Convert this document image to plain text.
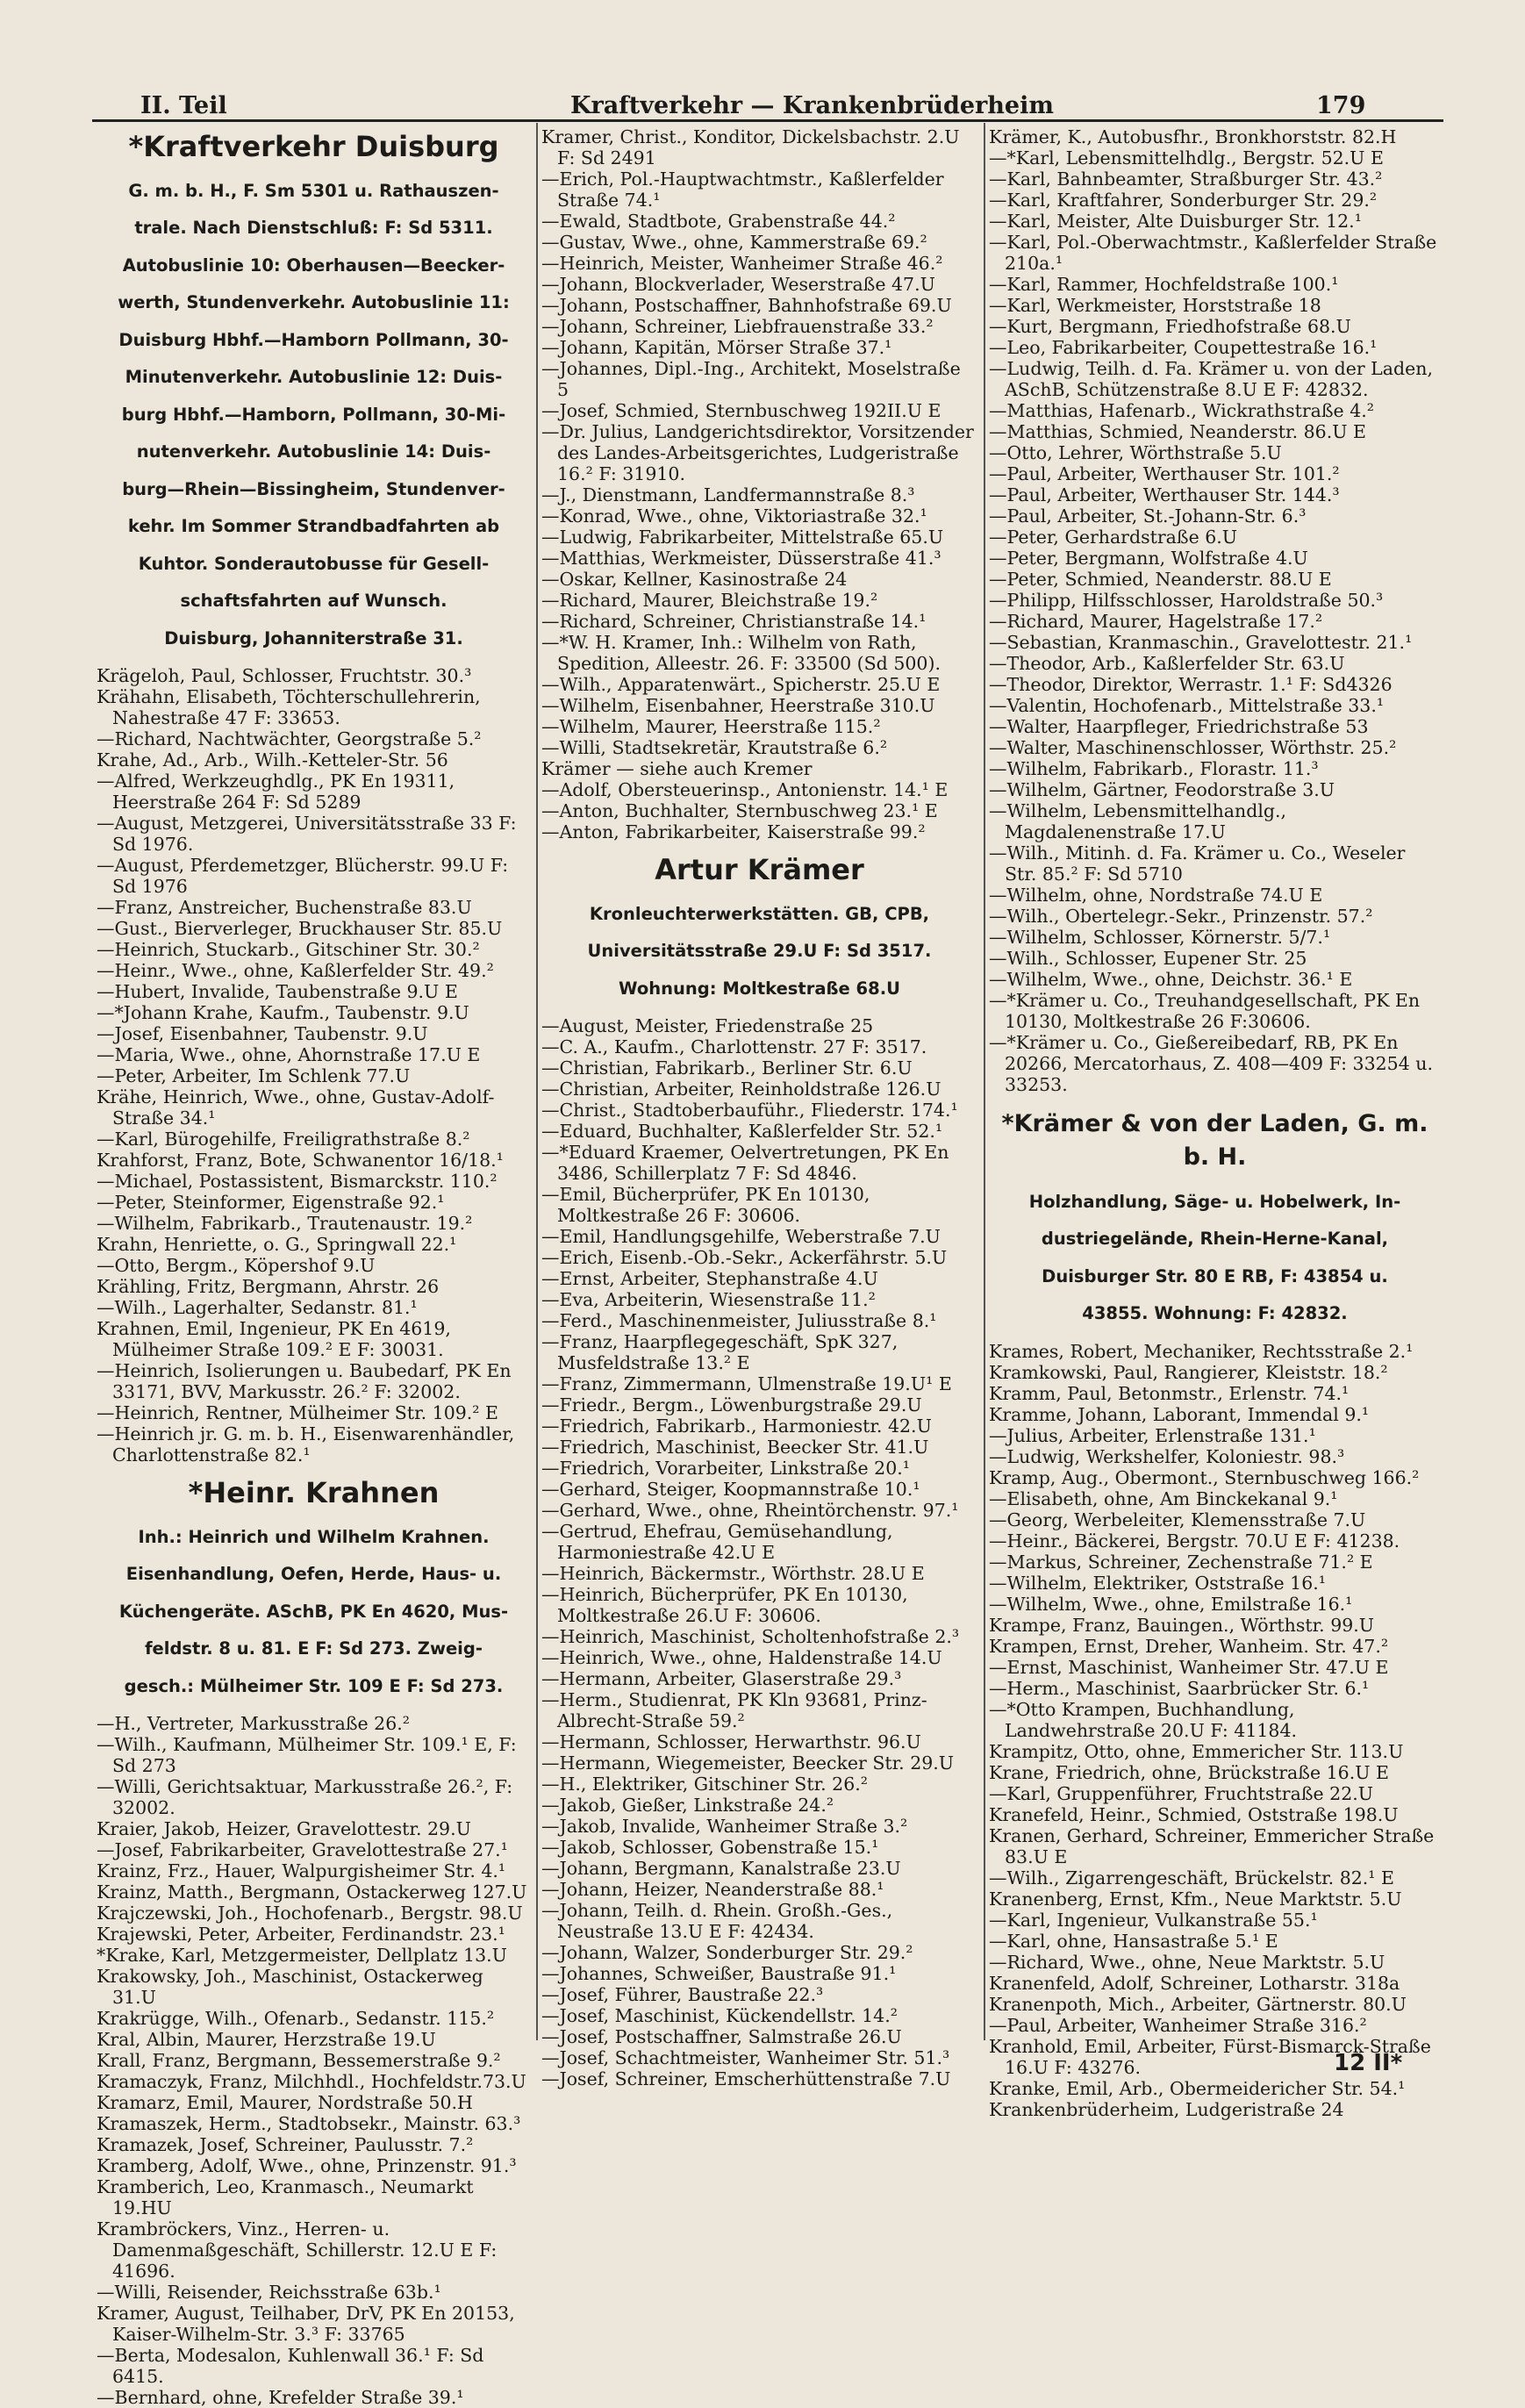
II. Teil	Kraftverkehr — Krankenbrüderheim	179
*Kraftverkehr Duisburg

G. m. b. H., F. Sm 5301 u. Rathauszen-

trale. Nach Dienstschluß: F: Sd 5311.

Autobuslinie 10: Oberhausen—Beecker-

werth, Stundenverkehr. Autobuslinie 11:

Duisburg Hbhf.—Hamborn Pollmann, 30-

Minutenverkehr. Autobuslinie 12: Duis-

burg Hbhf.—Hamborn, Pollmann, 30-Mi-

nutenverkehr. Autobuslinie 14: Duis-

burg—Rhein—Bissingheim, Stundenver-

kehr. Im Sommer Strandbadfahrten ab

Kuhtor. Sonderautobusse für Gesell-

schaftsfahrten auf Wunsch.

Duisburg, Johanniterstraße 31.

Krägeloh, Paul, Schlosser, Fruchtstr. 30.³

Krähahn, Elisabeth, Töchterschullehrerin, Nahestraße 47 F: 33653.

—Richard, Nachtwächter, Georgstraße 5.²

Krahe, Ad., Arb., Wilh.-Ketteler-Str. 56

—Alfred, Werkzeughdlg., PK En 19311, Heerstraße 264 F: Sd 5289

—August, Metzgerei, Universitätsstraße 33 F: Sd 1976.

—August, Pferdemetzger, Blücherstr. 99.U F: Sd 1976

—Franz, Anstreicher, Buchenstraße 83.U

—Gust., Bierverleger, Bruckhauser Str. 85.U

—Heinrich, Stuckarb., Gitschiner Str. 30.²

—Heinr., Wwe., ohne, Kaßlerfelder Str. 49.²

—Hubert, Invalide, Taubenstraße 9.U E

—*Johann Krahe, Kaufm., Taubenstr. 9.U

—Josef, Eisenbahner, Taubenstr. 9.U

—Maria, Wwe., ohne, Ahornstraße 17.U E

—Peter, Arbeiter, Im Schlenk 77.U

Krähe, Heinrich, Wwe., ohne, Gustav-Adolf-Straße 34.¹

—Karl, Bürogehilfe, Freiligrathstraße 8.²

Krahforst, Franz, Bote, Schwanentor 16/18.¹

—Michael, Postassistent, Bismarckstr. 110.²

—Peter, Steinformer, Eigenstraße 92.¹

—Wilhelm, Fabrikarb., Trautenaustr. 19.²

Krahn, Henriette, o. G., Springwall 22.¹

—Otto, Bergm., Köpershof 9.U

Krähling, Fritz, Bergmann, Ahrstr. 26

—Wilh., Lagerhalter, Sedanstr. 81.¹

Krahnen, Emil, Ingenieur, PK En 4619, Mülheimer Straße 109.² E F: 30031.

—Heinrich, Isolierungen u. Baubedarf, PK En 33171, BVV, Markusstr. 26.² F: 32002.

—Heinrich, Rentner, Mülheimer Str. 109.² E

—Heinrich jr. G. m. b. H., Eisenwarenhändler, Charlottenstraße 82.¹

*Heinr. Krahnen

Inh.: Heinrich und Wilhelm Krahnen.

Eisenhandlung, Oefen, Herde, Haus- u.

Küchengeräte. ASchB, PK En 4620, Mus-

feldstr. 8 u. 81. E F: Sd 273. Zweig-

gesch.: Mülheimer Str. 109 E F: Sd 273.

—H., Vertreter, Markusstraße 26.²

—Wilh., Kaufmann, Mülheimer Str. 109.¹ E, F: Sd 273

—Willi, Gerichtsaktuar, Markusstraße 26.², F: 32002.

Kraier, Jakob, Heizer, Gravelottestr. 29.U

—Josef, Fabrikarbeiter, Gravelottestraße 27.¹

Krainz, Frz., Hauer, Walpurgisheimer Str. 4.¹

Krainz, Matth., Bergmann, Ostackerweg 127.U

Krajczewski, Joh., Hochofenarb., Bergstr. 98.U

Krajewski, Peter, Arbeiter, Ferdinandstr. 23.¹

*Krake, Karl, Metzgermeister, Dellplatz 13.U

Krakowsky, Joh., Maschinist, Ostackerweg 31.U

Krakrügge, Wilh., Ofenarb., Sedanstr. 115.²

Kral, Albin, Maurer, Herzstraße 19.U

Krall, Franz, Bergmann, Bessemerstraße 9.²

Kramaczyk, Franz, Milchhdl., Hochfeldstr.73.U

Kramarz, Emil, Maurer, Nordstraße 50.H

Kramaszek, Herm., Stadtobsekr., Mainstr. 63.³

Kramazek, Josef, Schreiner, Paulusstr. 7.²

Kramberg, Adolf, Wwe., ohne, Prinzenstr. 91.³

Kramberich, Leo, Kranmasch., Neumarkt 19.HU

Krambröckers, Vinz., Herren- u. Damenmaßgeschäft, Schillerstr. 12.U E F: 41696.

—Willi, Reisender, Reichsstraße 63b.¹

Kramer, August, Teilhaber, DrV, PK En 20153, Kaiser-Wilhelm-Str. 3.³ F: 33765

—Berta, Modesalon, Kuhlenwall 36.¹ F: Sd 6415.

—Bernhard, ohne, Krefelder Straße 39.¹

Kramer, Christ., Konditor, Dickelsbachstr. 2.U F: Sd 2491

—Erich, Pol.-Hauptwachtmstr., Kaßlerfelder Straße 74.¹

—Ewald, Stadtbote, Grabenstraße 44.²

—Gustav, Wwe., ohne, Kammerstraße 69.²

—Heinrich, Meister, Wanheimer Straße 46.²

—Johann, Blockverlader, Weserstraße 47.U

—Johann, Postschaffner, Bahnhofstraße 69.U

—Johann, Schreiner, Liebfrauenstraße 33.²

—Johann, Kapitän, Mörser Straße 37.¹

—Johannes, Dipl.-Ing., Architekt, Moselstraße 5

—Josef, Schmied, Sternbuschweg 192II.U E

—Dr. Julius, Landgerichtsdirektor, Vorsitzender des Landes-Arbeitsgerichtes, Ludgeristraße 16.² F: 31910.

—J., Dienstmann, Landfermannstraße 8.³

—Konrad, Wwe., ohne, Viktoriastraße 32.¹

—Ludwig, Fabrikarbeiter, Mittelstraße 65.U

—Matthias, Werkmeister, Düsserstraße 41.³

—Oskar, Kellner, Kasinostraße 24

—Richard, Maurer, Bleichstraße 19.²

—Richard, Schreiner, Christianstraße 14.¹

—*W. H. Kramer, Inh.: Wilhelm von Rath, Spedition, Alleestr. 26. F: 33500 (Sd 500).

—Wilh., Apparatenwärt., Spicherstr. 25.U E

—Wilhelm, Eisenbahner, Heerstraße 310.U

—Wilhelm, Maurer, Heerstraße 115.²

—Willi, Stadtsekretär, Krautstraße 6.²

Krämer — siehe auch Kremer

—Adolf, Obersteuerinsp., Antonienstr. 14.¹ E

—Anton, Buchhalter, Sternbuschweg 23.¹ E

—Anton, Fabrikarbeiter, Kaiserstraße 99.²

Artur Krämer

Kronleuchterwerkstätten. GB, CPB,

Universitätsstraße 29.U F: Sd 3517.

Wohnung: Moltkestraße 68.U

—August, Meister, Friedenstraße 25

—C. A., Kaufm., Charlottenstr. 27 F: 3517.

—Christian, Fabrikarb., Berliner Str. 6.U

—Christian, Arbeiter, Reinholdstraße 126.U

—Christ., Stadtoberbauführ., Fliederstr. 174.¹

—Eduard, Buchhalter, Kaßlerfelder Str. 52.¹

—*Eduard Kraemer, Oelvertretungen, PK En 3486, Schillerplatz 7 F: Sd 4846.

—Emil, Bücherprüfer, PK En 10130, Moltkestraße 26 F: 30606.

—Emil, Handlungsgehilfe, Weberstraße 7.U

—Erich, Eisenb.-Ob.-Sekr., Ackerfährstr. 5.U

—Ernst, Arbeiter, Stephanstraße 4.U

—Eva, Arbeiterin, Wiesenstraße 11.²

—Ferd., Maschinenmeister, Juliusstraße 8.¹

—Franz, Haarpflegegeschäft, SpK 327, Musfeldstraße 13.² E

—Franz, Zimmermann, Ulmenstraße 19.U¹ E

—Friedr., Bergm., Löwenburgstraße 29.U

—Friedrich, Fabrikarb., Harmoniestr. 42.U

—Friedrich, Maschinist, Beecker Str. 41.U

—Friedrich, Vorarbeiter, Linkstraße 20.¹

—Gerhard, Steiger, Koopmannstraße 10.¹

—Gerhard, Wwe., ohne, Rheintörchenstr. 97.¹

—Gertrud, Ehefrau, Gemüsehandlung, Harmoniestraße 42.U E

—Heinrich, Bäckermstr., Wörthstr. 28.U E

—Heinrich, Bücherprüfer, PK En 10130, Moltkestraße 26.U F: 30606.

—Heinrich, Maschinist, Scholtenhofstraße 2.³

—Heinrich, Wwe., ohne, Haldenstraße 14.U

—Hermann, Arbeiter, Glaserstraße 29.³

—Herm., Studienrat, PK Kln 93681, Prinz-Albrecht-Straße 59.²

—Hermann, Schlosser, Herwarthstr. 96.U

—Hermann, Wiegemeister, Beecker Str. 29.U

—H., Elektriker, Gitschiner Str. 26.²

—Jakob, Gießer, Linkstraße 24.²

—Jakob, Invalide, Wanheimer Straße 3.²

—Jakob, Schlosser, Gobenstraße 15.¹

—Johann, Bergmann, Kanalstraße 23.U

—Johann, Heizer, Neanderstraße 88.¹

—Johann, Teilh. d. Rhein. Großh.-Ges., Neustraße 13.U E F: 42434.

—Johann, Walzer, Sonderburger Str. 29.²

—Johannes, Schweißer, Baustraße 91.¹

—Josef, Führer, Baustraße 22.³

—Josef, Maschinist, Kückendellstr. 14.²

—Josef, Postschaffner, Salmstraße 26.U

—Josef, Schachtmeister, Wanheimer Str. 51.³

—Josef, Schreiner, Emscherhüttenstraße 7.U

Krämer, K., Autobusfhr., Bronkhorststr. 82.H

—*Karl, Lebensmittelhdlg., Bergstr. 52.U E

—Karl, Bahnbeamter, Straßburger Str. 43.²

—Karl, Kraftfahrer, Sonderburger Str. 29.²

—Karl, Meister, Alte Duisburger Str. 12.¹

—Karl, Pol.-Oberwachtmstr., Kaßlerfelder Straße 210a.¹

—Karl, Rammer, Hochfeldstraße 100.¹

—Karl, Werkmeister, Horststraße 18

—Kurt, Bergmann, Friedhofstraße 68.U

—Leo, Fabrikarbeiter, Coupettestraße 16.¹

—Ludwig, Teilh. d. Fa. Krämer u. von der Laden, ASchB, Schützenstraße 8.U E F: 42832.

—Matthias, Hafenarb., Wickrathstraße 4.²

—Matthias, Schmied, Neanderstr. 86.U E

—Otto, Lehrer, Wörthstraße 5.U

—Paul, Arbeiter, Werthauser Str. 101.²

—Paul, Arbeiter, Werthauser Str. 144.³

—Paul, Arbeiter, St.-Johann-Str. 6.³

—Peter, Gerhardstraße 6.U

—Peter, Bergmann, Wolfstraße 4.U

—Peter, Schmied, Neanderstr. 88.U E

—Philipp, Hilfsschlosser, Haroldstraße 50.³

—Richard, Maurer, Hagelstraße 17.²

—Sebastian, Kranmaschin., Gravelottestr. 21.¹

—Theodor, Arb., Kaßlerfelder Str. 63.U

—Theodor, Direktor, Werrastr. 1.¹ F: Sd4326

—Valentin, Hochofenarb., Mittelstraße 33.¹

—Walter, Haarpfleger, Friedrichstraße 53

—Walter, Maschinenschlosser, Wörthstr. 25.²

—Wilhelm, Fabrikarb., Florastr. 11.³

—Wilhelm, Gärtner, Feodorstraße 3.U

—Wilhelm, Lebensmittelhandlg., Magdalenenstraße 17.U

—Wilh., Mitinh. d. Fa. Krämer u. Co., Weseler Str. 85.² F: Sd 5710

—Wilhelm, ohne, Nordstraße 74.U E

—Wilh., Obertelegr.-Sekr., Prinzenstr. 57.²

—Wilhelm, Schlosser, Körnerstr. 5/7.¹

—Wilh., Schlosser, Eupener Str. 25

—Wilhelm, Wwe., ohne, Deichstr. 36.¹ E

—*Krämer u. Co., Treuhandgesellschaft, PK En 10130, Moltkestraße 26 F:30606.

—*Krämer u. Co., Gießereibedarf, RB, PK En 20266, Mercatorhaus, Z. 408—409 F: 33254 u. 33253.

*Krämer & von der Laden, G. m. b. H.

Holzhandlung, Säge- u. Hobelwerk, In-

dustriegelände, Rhein-Herne-Kanal,

Duisburger Str. 80 E RB, F: 43854 u.

43855. Wohnung: F: 42832.

Krames, Robert, Mechaniker, Rechtsstraße 2.¹

Kramkowski, Paul, Rangierer, Kleiststr. 18.²

Kramm, Paul, Betonmstr., Erlenstr. 74.¹

Kramme, Johann, Laborant, Immendal 9.¹

—Julius, Arbeiter, Erlenstraße 131.¹

—Ludwig, Werkshelfer, Koloniestr. 98.³

Kramp, Aug., Obermont., Sternbuschweg 166.²

—Elisabeth, ohne, Am Binckekanal 9.¹

—Georg, Werbeleiter, Klemensstraße 7.U

—Heinr., Bäckerei, Bergstr. 70.U E F: 41238.

—Markus, Schreiner, Zechenstraße 71.² E

—Wilhelm, Elektriker, Oststraße 16.¹

—Wilhelm, Wwe., ohne, Emilstraße 16.¹

Krampe, Franz, Bauingen., Wörthstr. 99.U

Krampen, Ernst, Dreher, Wanheim. Str. 47.²

—Ernst, Maschinist, Wanheimer Str. 47.U E

—Herm., Maschinist, Saarbrücker Str. 6.¹

—*Otto Krampen, Buchhandlung, Landwehrstraße 20.U F: 41184.

Krampitz, Otto, ohne, Emmericher Str. 113.U

Krane, Friedrich, ohne, Brückstraße 16.U E

—Karl, Gruppenführer, Fruchtstraße 22.U

Kranefeld, Heinr., Schmied, Oststraße 198.U

Kranen, Gerhard, Schreiner, Emmericher Straße 83.U E

—Wilh., Zigarrengeschäft, Brückelstr. 82.¹ E

Kranenberg, Ernst, Kfm., Neue Marktstr. 5.U

—Karl, Ingenieur, Vulkanstraße 55.¹

—Karl, ohne, Hansastraße 5.¹ E

—Richard, Wwe., ohne, Neue Marktstr. 5.U

Kranenfeld, Adolf, Schreiner, Lotharstr. 318a

Kranenpoth, Mich., Arbeiter, Gärtnerstr. 80.U

—Paul, Arbeiter, Wanheimer Straße 316.²

Kranhold, Emil, Arbeiter, Fürst-Bismarck-Straße 16.U F: 43276.

Kranke, Emil, Arb., Obermeidericher Str. 54.¹

Krankenbrüderheim, Ludgeristraße 24

12 II*
